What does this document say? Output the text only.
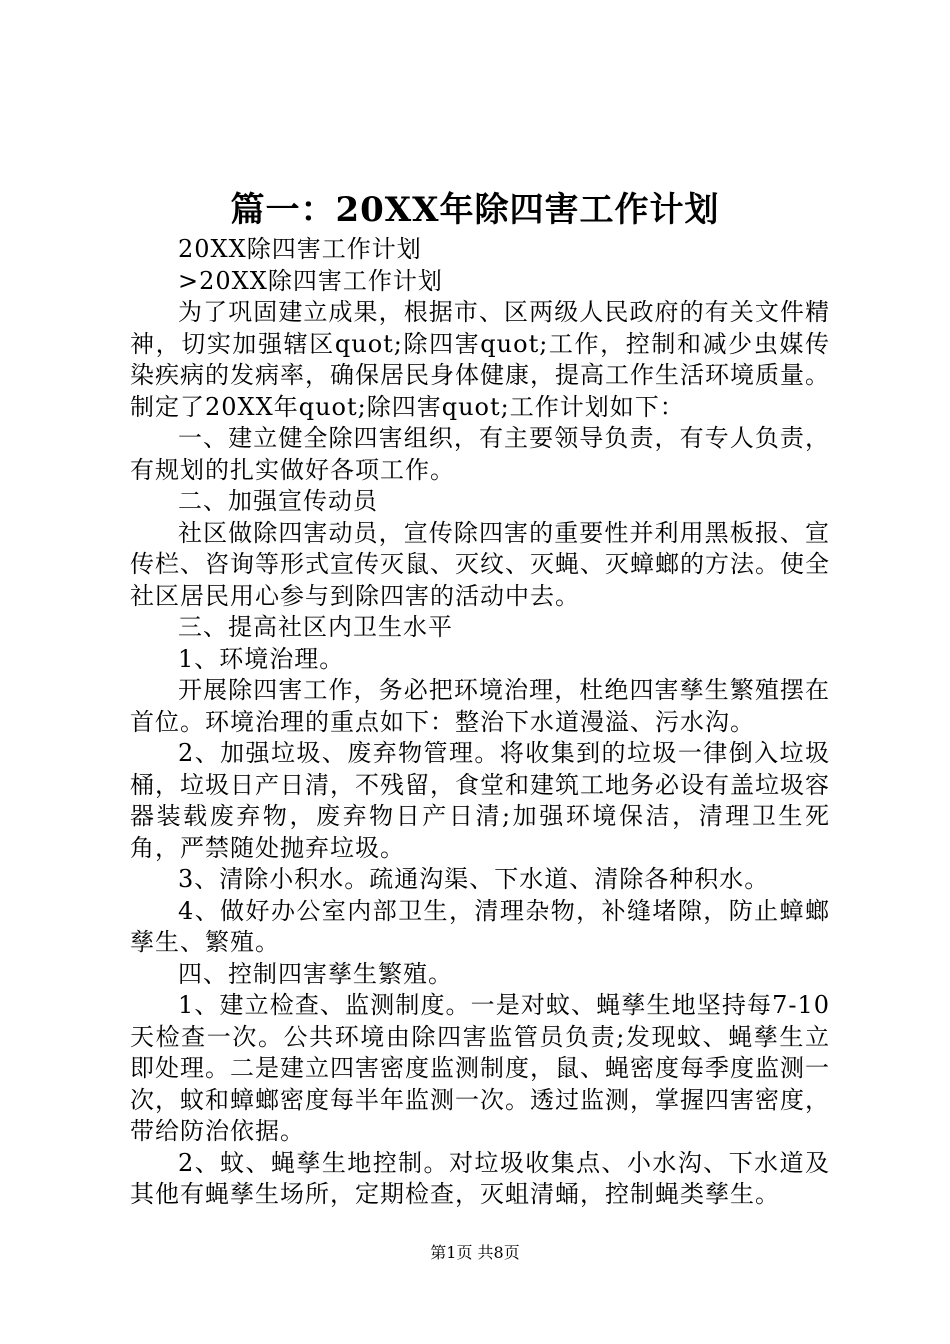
篇一：20XX年除四害工作计划

20XX除四害工作计划

>20XX除四害工作计划

为了巩固建立成果，根据市、区两级人民政府的有关文件精神，切实加强辖区quot;除四害quot;工作，控制和减少虫媒传染疾病的发病率，确保居民身体健康，提高工作生活环境质量。制定了20XX年quot;除四害quot;工作计划如下：

一、建立健全除四害组织，有主要领导负责，有专人负责，有规划的扎实做好各项工作。

二、加强宣传动员

社区做除四害动员，宣传除四害的重要性并利用黑板报、宣传栏、咨询等形式宣传灭鼠、灭纹、灭蝇、灭蟑螂的方法。使全社区居民用心参与到除四害的活动中去。

三、提高社区内卫生水平

1、环境治理。

开展除四害工作，务必把环境治理，杜绝四害孳生繁殖摆在首位。环境治理的重点如下：整治下水道漫溢、污水沟。

2、加强垃圾、废弃物管理。将收集到的垃圾一律倒入垃圾桶，垃圾日产日清，不残留，食堂和建筑工地务必设有盖垃圾容器装载废弃物，废弃物日产日清;加强环境保洁，清理卫生死角，严禁随处抛弃垃圾。

3、清除小积水。疏通沟渠、下水道、清除各种积水。

4、做好办公室内部卫生，清理杂物，补缝堵隙，防止蟑螂孳生、繁殖。

四、控制四害孳生繁殖。

1、建立检查、监测制度。一是对蚊、蝇孳生地坚持每7-10天检查一次。公共环境由除四害监管员负责;发现蚊、蝇孳生立即处理。二是建立四害密度监测制度，鼠、蝇密度每季度监测一次，蚊和蟑螂密度每半年监测一次。透过监测，掌握四害密度，带给防治依据。

2、蚊、蝇孳生地控制。对垃圾收集点、小水沟、下水道及其他有蝇孳生场所，定期检查，灭蛆清蛹，控制蝇类孳生。

第1页 共8页
